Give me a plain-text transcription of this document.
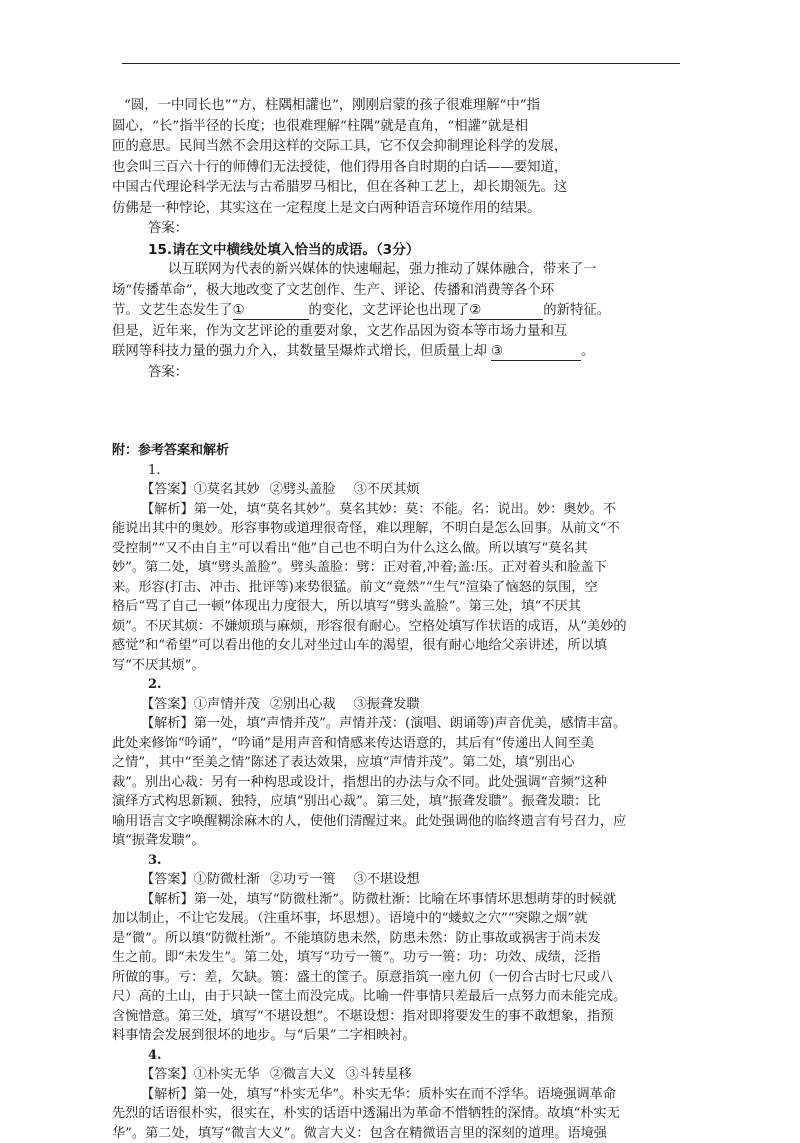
“圆，一中同长也”“方，柱隅相讙也”，刚刚启蒙的孩子很难理解“中”指

圆心，“长”指半径的长度；也很难理解“柱隅”就是直角，“相讙”就是相

匝的意思。民间当然不会用这样的交际工具，它不仅会抑制理论科学的发展，

也会叫三百六十行的师傅们无法授徒，他们得用各自时期的白话——要知道，

中国古代理论科学无法与古希腊罗马相比，但在各种工艺上，却长期领先。这

仿佛是一种悖论，其实这在一定程度上是文白两种语言环境作用的结果。

答案：

15.请在文中横线处填入恰当的成语。（3分）

以互联网为代表的新兴媒体的快速崛起，强力推动了媒体融合，带来了一

场“传播革命”，极大地改变了文艺创作、生产、评论、传播和消费等各个环

节。文艺生态发生了①	的变化，文艺评论也出现了②	的新特征。

但是，近年来，作为文艺评论的重要对象，文艺作品因为资本等市场力量和互

联网等科技力量的强力介入，其数量呈爆炸式增长，但质量上却 ③	。

答案：

附：参考答案和解析

1.

【答案】①莫名其妙 ②劈头盖脸 ③不厌其烦

【解析】第一处，填“莫名其妙”。莫名其妙：莫：不能。名：说出。妙：奥妙。不

能说出其中的奥妙。形容事物或道理很奇怪，难以理解，不明白是怎么回事。从前文“不

受控制”“又不由自主”可以看出“他”自己也不明白为什么这么做。所以填写“莫名其

妙”。第二处，填“劈头盖脸”。劈头盖脸：劈：正对着,冲着;盖:压。正对着头和脸盖下

来。形容(打击、冲击、批评等)来势很猛。前文“竟然”“生气”渲染了恼怒的氛围，空

格后“骂了自己一顿”体现出力度很大，所以填写“劈头盖脸”。第三处，填“不厌其

烦”。不厌其烦：不嫌烦琐与麻烦，形容很有耐心。空格处填写作状语的成语，从“美妙的

感觉”和“希望”可以看出他的女儿对坐过山车的渴望，很有耐心地给父亲讲述，所以填

写“不厌其烦”。

2.

【答案】①声情并茂 ②别出心裁 ③振聋发聩

【解析】第一处，填“声情并茂”。声情并茂：(演唱、朗诵等)声音优美，感情丰富。

此处来修饰“吟诵”，“吟诵”是用声音和情感来传达语意的，其后有“传递出人间至美

之情”，其中“至美之情”陈述了表达效果，应填“声情并茂”。第二处，填“别出心

裁”。别出心裁：另有一种构思或设计，指想出的办法与众不同。此处强调“音频”这种

演绎方式构思新颖、独特，应填“别出心裁”。第三处，填“振聋发聩”。振聋发聩：比

喻用语言文字唤醒糊涂麻木的人，使他们清醒过来。此处强调他的临终遗言有号召力，应

填“振聋发聩”。

3.

【答案】①防微杜渐 ②功亏一篑 ③不堪设想

【解析】第一处，填写“防微杜渐”。防微杜渐：比喻在坏事情坏思想萌芽的时候就

加以制止，不让它发展。（注重坏事，坏思想）。语境中的“蝼蚁之穴”“突隙之烟”就

是“微”。所以填“防微杜渐”。不能填防患未然，防患未然：防止事故或祸害于尚未发

生之前。即“未发生”。第二处，填写“功亏一篑”。功亏一篑：功：功效、成绩，泛指

所做的事。亏：差，欠缺。篑：盛土的筐子。原意指筑一座九仞（一仞合古时七尺或八

尺）高的土山，由于只缺一筐土而没完成。比喻一件事情只差最后一点努力而未能完成。

含惋惜意。第三处，填写“不堪设想”。不堪设想：指对即将要发生的事不敢想象，指预

料事情会发展到很坏的地步。与“后果”二字相映衬。

4.

【答案】①朴实无华 ②微言大义 ③斗转星移

【解析】第一处，填写“朴实无华”。朴实无华：质朴实在而不浮华。语境强调革命

先烈的话语很朴实，很实在，朴实的话语中透漏出为革命不惜牺牲的深情。故填“朴实无

华”。第二处，填写“微言大义”。微言大义：包含在精微语言里的深刻的道理。语境强
